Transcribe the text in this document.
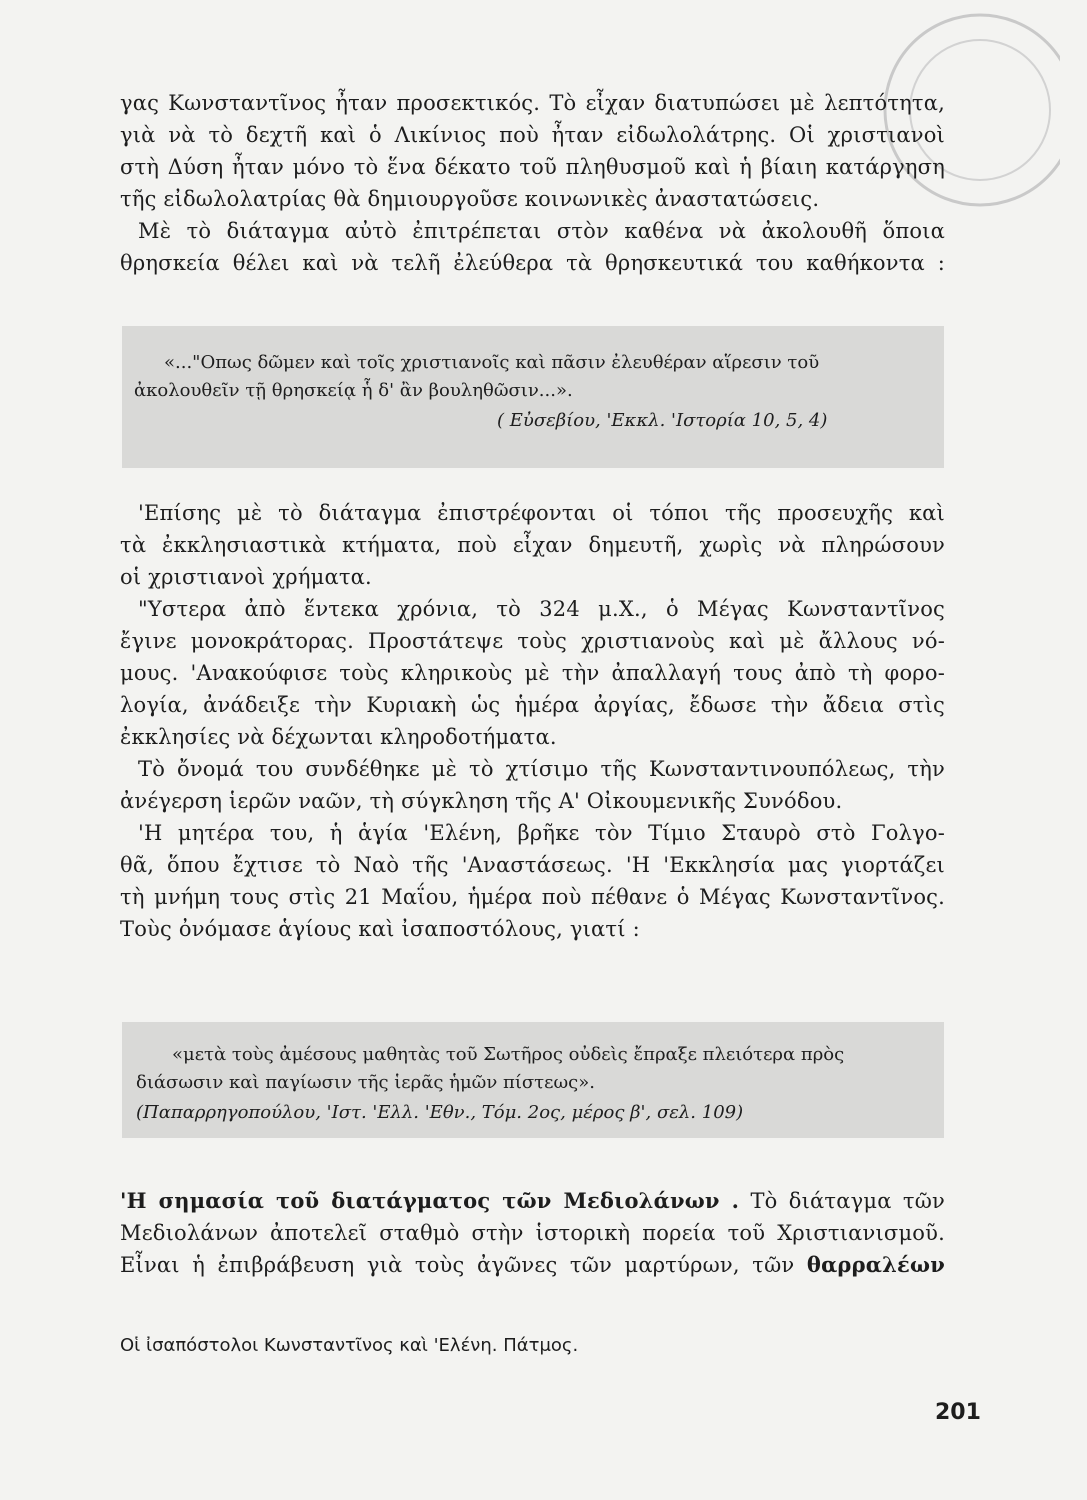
γας Κωνσταντῖνος ἦταν προσεκτικός. Τὸ εἶχαν διατυπώσει μὲ λεπτότητα,
γιὰ νὰ τὸ δεχτῆ καὶ ὁ Λικίνιος ποὺ ἦταν εἰδωλολάτρης. Οἱ χριστιανοὶ
στὴ Δύση ἦταν μόνο τὸ ἕνα δέκατο τοῦ πληθυσμοῦ καὶ ἡ βίαιη κατάργηση
τῆς εἰδωλολατρίας θὰ δημιουργοῦσε κοινωνικὲς ἀναστατώσεις.
Μὲ τὸ διάταγμα αὐτὸ ἐπιτρέπεται στὸν καθένα νὰ ἀκολουθῆ ὅποια
θρησκεία θέλει καὶ νὰ τελῆ ἐλεύθερα τὰ θρησκευτικά του καθήκοντα :
«..."Οπως δῶμεν καὶ τοῖς χριστιανοῖς καὶ πᾶσιν ἐλευθέραν αἵρεσιν τοῦ
ἀκολουθεῖν τῇ θρησκείᾳ ἧ δ' ἂν βουληθῶσιν...».
( Εὐσεβίου, 'Εκκλ. 'Ιστορία 10, 5, 4)
'Επίσης μὲ τὸ διάταγμα ἐπιστρέφονται οἱ τόποι τῆς προσευχῆς καὶ
τὰ ἐκκλησιαστικὰ κτήματα, ποὺ εἶχαν δημευτῆ, χωρὶς νὰ πληρώσουν
οἱ χριστιανοὶ χρήματα.
"Υστερα ἀπὸ ἕντεκα χρόνια, τὸ 324 μ.Χ., ὁ Μέγας Κωνσταντῖνος
ἔγινε μονοκράτορας. Προστάτεψε τοὺς χριστιανοὺς καὶ μὲ ἄλλους νό-
μους. 'Ανακούφισε τοὺς κληρικοὺς μὲ τὴν ἀπαλλαγή τους ἀπὸ τὴ φορο-
λογία, ἀνάδειξε τὴν Κυριακὴ ὡς ἡμέρα ἀργίας, ἔδωσε τὴν ἄδεια στὶς
ἐκκλησίες νὰ δέχωνται κληροδοτήματα.
Τὸ ὄνομά του συνδέθηκε μὲ τὸ χτίσιμο τῆς Κωνσταντινουπόλεως, τὴν
ἀνέγερση ἱερῶν ναῶν, τὴ σύγκληση τῆς Α' Οἰκουμενικῆς Συνόδου.
'Η μητέρα του, ἡ ἁγία 'Ελένη, βρῆκε τὸν Τίμιο Σταυρὸ στὸ Γολγο-
θᾶ, ὅπου ἔχτισε τὸ Ναὸ τῆς 'Αναστάσεως. 'Η 'Εκκλησία μας γιορτάζει
τὴ μνήμη τους στὶς 21 Μαΐου, ἡμέρα ποὺ πέθανε ὁ Μέγας Κωνσταντῖνος.
Τοὺς ὀνόμασε ἁγίους καὶ ἰσαποστόλους, γιατί :
«μετὰ τοὺς ἀμέσους μαθητὰς τοῦ Σωτῆρος οὐδεὶς ἔπραξε πλειότερα πρὸς
διάσωσιν καὶ παγίωσιν τῆς ἱερᾶς ἡμῶν πίστεως».
(Παπαρρηγοπούλου, 'Ιστ. 'Ελλ. 'Εθν., Τόμ. 2ος, μέρος β', σελ. 109)
'Η σημασία τοῦ διατάγματος τῶν Μεδιολάνων . Τὸ διάταγμα τῶν
Μεδιολάνων ἀποτελεῖ σταθμὸ στὴν ἱστορικὴ πορεία τοῦ Χριστιανισμοῦ.
Εἶναι ἡ ἐπιβράβευση γιὰ τοὺς ἀγῶνες τῶν μαρτύρων, τῶν θαρραλέων
Οἱ ἰσαπόστολοι Κωνσταντῖνος καὶ 'Ελένη. Πάτμος.
201
